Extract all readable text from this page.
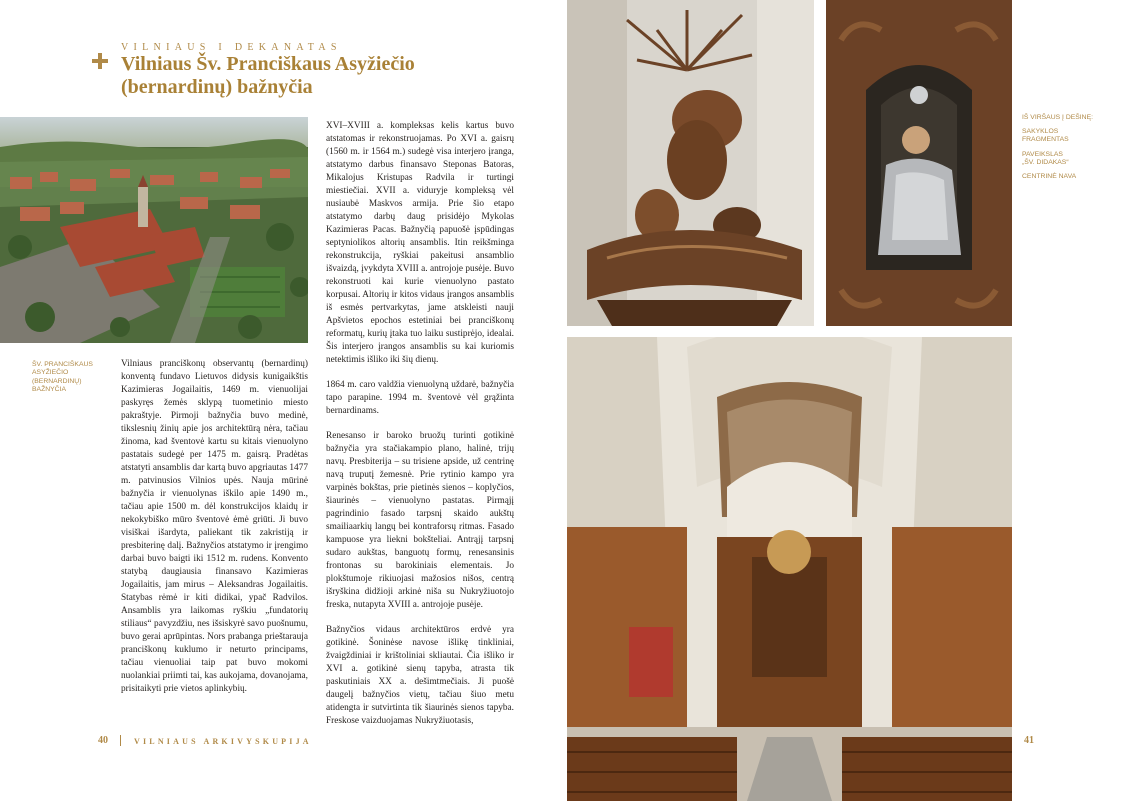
VILNIAUS I DEKANATAS
Vilniaus Šv. Pranciškaus Asyžiečio
(bernardinų) bažnyčia
ŠV. PRANCIŠKAUS
ASYŽIEČIO
(BERNARDINŲ)
BAŽNYČIA

Vilniaus pranciškonų observantų (bernardinų) konventą fundavo Lietuvos didysis kunigaikštis Kazimieras Jogailaitis, 1469 m. vienuolijai paskyręs žemės sklypą tuometinio miesto pakraštyje. Pirmoji bažnyčia buvo medinė, tikslesnių žinių apie jos architektūrą nėra, tačiau žinoma, kad šventovė kartu su kitais vienuolyno pastatais sudegė per 1475 m. gaisrą. Pradėtas atstatyti ansamblis dar kartą buvo apgriautas 1477 m. patvinusios Vilnios upės. Nauja mūrinė bažnyčia ir vienuolynas iškilo apie 1490 m., tačiau apie 1500 m. dėl konstrukcijos klaidų ir nekokybiško mūro šventovė ėmė griūti. Ji buvo visiškai išardyta, paliekant tik zakristiją ir presbiterinę dalį. Bažnyčios atstatymo ir įrengimo darbai buvo baigti iki 1512 m. rudens. Konvento statybą daugiausia finansavo Kazimieras Jogailaitis, jam mirus – Aleksandras Jogailaitis. Statybas rėmė ir kiti didikai, ypač Radvilos. Ansamblis yra laikomas ryškiu „fundatorių stiliaus“ pavyzdžiu, nes išsiskyrė savo puošnumu, buvo gerai aprūpintas. Nors prabanga prieštarauja pranciškonų kuklumo ir neturto principams, tačiau vienuoliai taip pat buvo mokomi nuolankiai priimti tai, kas aukojama, dovanojama, prisitaikyti prie vietos aplinkybių.

XVI–XVIII a. kompleksas kelis kartus buvo atstatomas ir rekonstruojamas. Po XVI a. gaisrų (1560 m. ir 1564 m.) sudegė visa interjero įranga, atstatymo darbus finansavo Steponas Batoras, Mikalojus Kristupas Radvila ir turtingi miestiečiai. XVII a. viduryje kompleksą vėl nusiaubė Maskvos armija. Prie šio etapo atstatymo darbų daug prisidėjo Mykolas Kazimieras Pacas. Bažnyčią papuošė įspūdingas septyniolikos altorių ansamblis. Itin reikšminga rekonstrukcija, ryškiai pakeitusi ansamblio išvaizdą, įvykdyta XVIII a. antrojoje pusėje. Buvo rekonstruoti kai kurie vienuolyno pastato korpusai. Altorių ir kitos vidaus įrangos ansamblis iš esmės pertvarkytas, jame atskleisti nauji Apšvietos epochos estetiniai bei pranciškonų reformatų, kurių įtaka tuo laiku sustiprėjo, idealai. Šis interjero įrangos ansamblis su kai kuriomis netektimis išliko iki šių dienų.

1864 m. caro valdžia vienuolyną uždarė, bažnyčia tapo parapine. 1994 m. šventovė vėl grąžinta bernardinams.

Renesanso ir baroko bruožų turinti gotikinė bažnyčia yra stačiakampio plano, halinė, trijų navų. Presbiterija – su trisiene apside, už centrinę navą truputį žemesnė. Prie rytinio kampo yra varpinės bokštas, prie pietinės sienos – koplyčios, šiaurinės – vienuolyno pastatas. Pirmąjį pagrindinio fasado tarpsnį skaido aukštų smailiaarkių langų bei kontraforsų ritmas. Fasado kampuose yra liekni bokšteliai. Antrąjį tarpsnį sudaro aukštas, banguotų formų, renesansinis frontonas su barokiniais elementais. Jo plokštumoje rikiuojasi mažosios nišos, centrą išryškina didžioji arkinė niša su Nukryžiuotojo freska, nutapyta XVIII a. antrojoje pusėje.

Bažnyčios vidaus architektūros erdvė yra gotikinė. Šoninėse navose išlikę tinkliniai, žvaigždiniai ir krištoliniai skliautai. Čia išliko ir XVI a. gotikinė sienų tapyba, atrasta tik paskutiniais XX a. dešimtmečiais. Ji puošė daugelį bažnyčios vietų, tačiau šiuo metu atidengta ir sutvirtinta tik šiaurinės sienos tapyba. Freskose vaizduojamas Nukryžiuotasis,

40	VILNIAUS ARKIVYSKUPIJA
IŠ VIRŠAUS Į DEŠINĘ:
SAKYKLOS
FRAGMENTAS
PAVEIKSLAS
„ŠV. DIDAKAS“
CENTRINĖ NAVA
41
